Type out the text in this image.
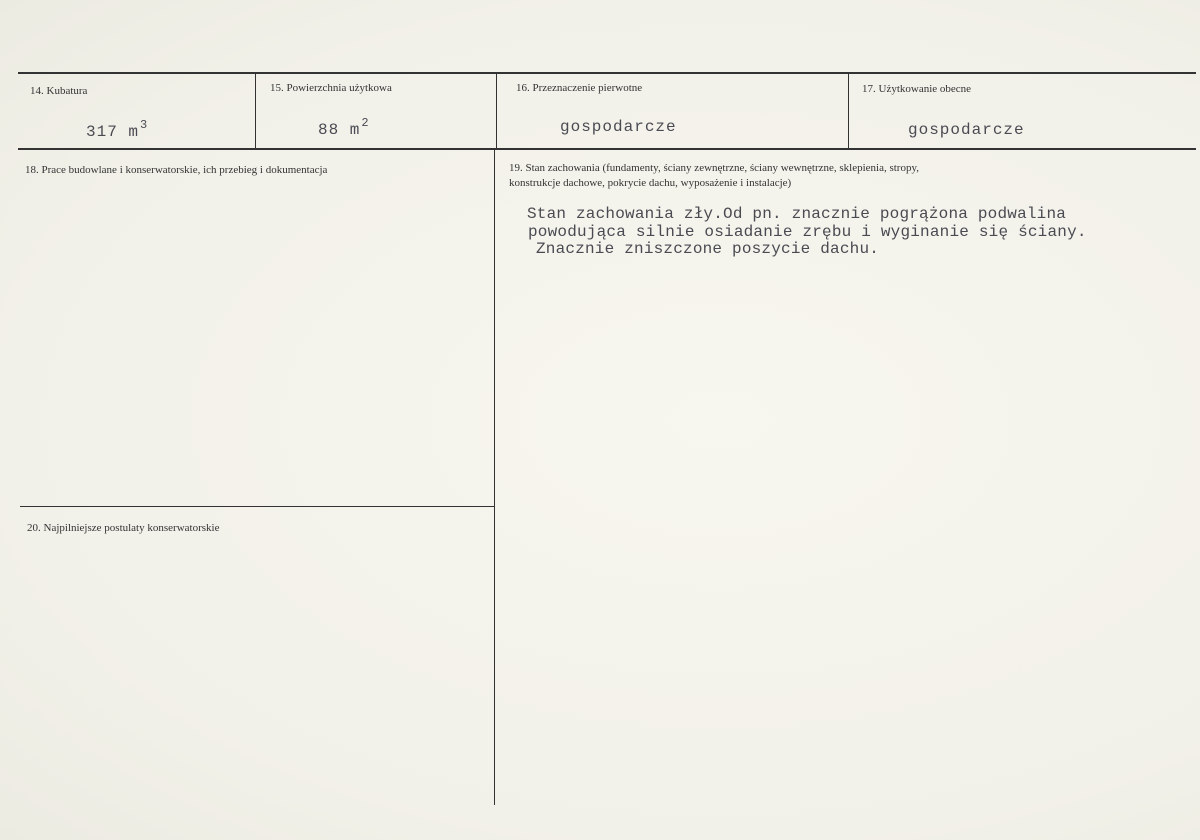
14. Kubatura
317 $m^3$
15. Powierzchnia użytkowa
88 $m^2$
16. Przeznaczenie pierwotne
gospodarcze
17. Użytkowanie obecne
gospodarcze
18. Prace budowlane i konserwatorskie, ich przebieg i dokumentacja	19. Stan zachowania (fundamenty, ściany zewnętrzne, ściany wewnętrzne, sklepienia, stropy,
konstrukcje dachowe, pokrycie dachu, wyposażenie i instalacje)
Stan zachowania zły.Od pn. znacznie pogrążona podwalina
powodująca silnie osiadanie zrębu i wyginanie się ściany.
Znacznie zniszczone poszycie dachu.
20. Najpilniejsze postulaty konserwatorskie
